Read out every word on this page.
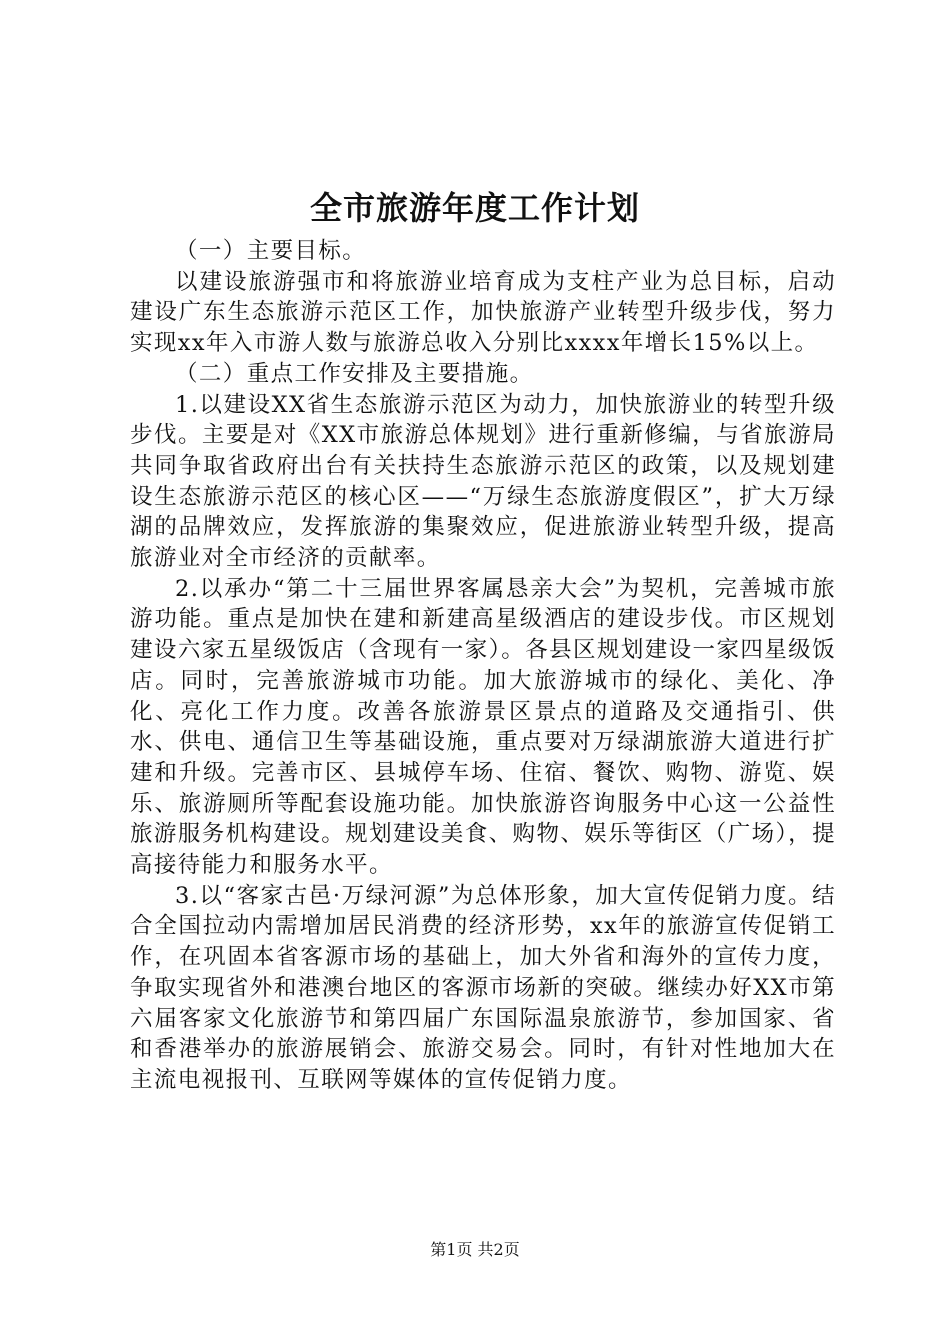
全市旅游年度工作计划

（一）主要目标。

以建设旅游强市和将旅游业培育成为支柱产业为总目标，启动建设广东生态旅游示范区工作，加快旅游产业转型升级步伐，努力实现xx年入市游人数与旅游总收入分别比xxxx年增长15%以上。

（二）重点工作安排及主要措施。

1.以建设XX省生态旅游示范区为动力，加快旅游业的转型升级步伐。主要是对《XX市旅游总体规划》进行重新修编，与省旅游局共同争取省政府出台有关扶持生态旅游示范区的政策，以及规划建设生态旅游示范区的核心区——“万绿生态旅游度假区”，扩大万绿湖的品牌效应，发挥旅游的集聚效应，促进旅游业转型升级，提高旅游业对全市经济的贡献率。

2.以承办“第二十三届世界客属恳亲大会”为契机，完善城市旅游功能。重点是加快在建和新建高星级酒店的建设步伐。市区规划建设六家五星级饭店（含现有一家）。各县区规划建设一家四星级饭店。同时，完善旅游城市功能。加大旅游城市的绿化、美化、净化、亮化工作力度。改善各旅游景区景点的道路及交通指引、供水、供电、通信卫生等基础设施，重点要对万绿湖旅游大道进行扩建和升级。完善市区、县城停车场、住宿、餐饮、购物、游览、娱乐、旅游厕所等配套设施功能。加快旅游咨询服务中心这一公益性旅游服务机构建设。规划建设美食、购物、娱乐等街区（广场），提高接待能力和服务水平。

3.以“客家古邑·万绿河源”为总体形象，加大宣传促销力度。结合全国拉动内需增加居民消费的经济形势，xx年的旅游宣传促销工作，在巩固本省客源市场的基础上，加大外省和海外的宣传力度，争取实现省外和港澳台地区的客源市场新的突破。继续办好XX市第六届客家文化旅游节和第四届广东国际温泉旅游节，参加国家、省和香港举办的旅游展销会、旅游交易会。同时，有针对性地加大在主流电视报刊、互联网等媒体的宣传促销力度。

第1页 共2页
